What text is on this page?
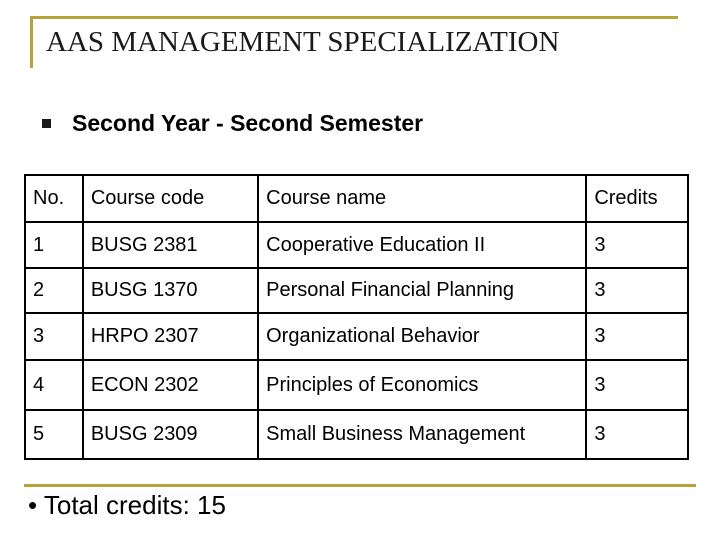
AAS MANAGEMENT SPECIALIZATION
Second Year - Second Semester
No.	Course code	Course name	Credits
1	BUSG 2381	Cooperative Education II	3
2	BUSG 1370	Personal Financial Planning	3
3	HRPO 2307	Organizational Behavior	3
4	ECON 2302	Principles of Economics	3
5	BUSG 2309	Small Business Management	3
• Total credits: 15
